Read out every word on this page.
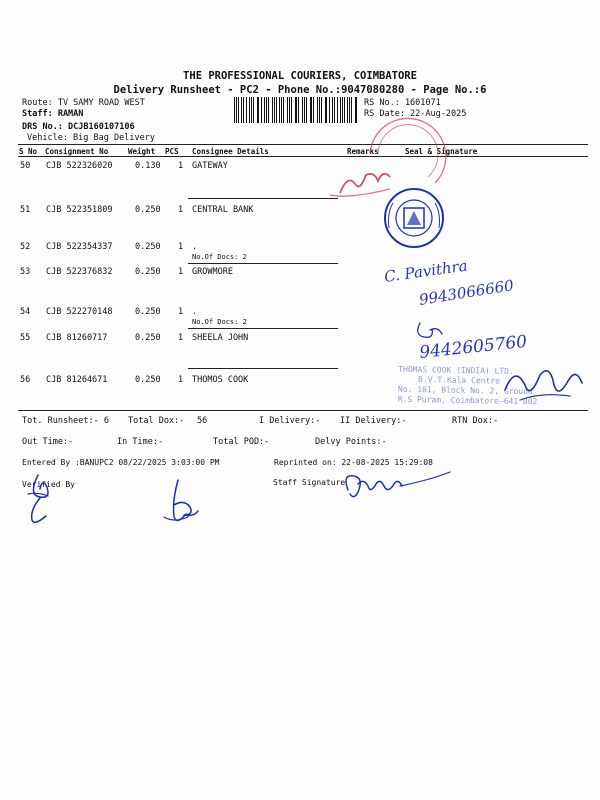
THE PROFESSIONAL COURIERS, COIMBATORE
Delivery Runsheet - PC2 - Phone No.:9047080280 - Page No.:6
Route: TV SAMY ROAD WEST
Staff: RAMAN
DRS No.: DCJB160107106
Vehicle: Big Bag Delivery
RS No.: 1601071
RS Date: 22-Aug-2025
S No Consignment No	Weight PCS Consignee Details	Remarks	Seal & Signature
50 CJB 522326020	0.130 1 GATEWAY
51 CJB 522351809	0.250 1 CENTRAL BANK
52 CJB 522354337	0.250 1 .
No.Of Docs: 2
53 CJB 522376832	0.250 1 GROWMORE
54 CJB 522270148	0.250 1 .
No.Of Docs: 2
55 CJB 81260717	0.250 1 SHEELA JOHN
56 CJB 81264671	0.250 1 THOMOS COOK
Tot. Runsheet:- 6 Total Dox:- 56	I Delivery:- II Delivery:-	RTN Dox:-
Out Time:-	In Time:-	Total POD:-	Delvy Points:-
Entered By :BANUPC2 08/22/2025 3:03:00 PM	Reprinted on: 22-08-2025 15:29:08
Verified By	Staff Signature
C. Pavithra
9943066660
9442605760
THOMAS COOK (INDIA) LTD.
B.V.T.Kala Centre
No. 101, Block No. 2, Ground
R.S Puram, Coimbatore-641 002
